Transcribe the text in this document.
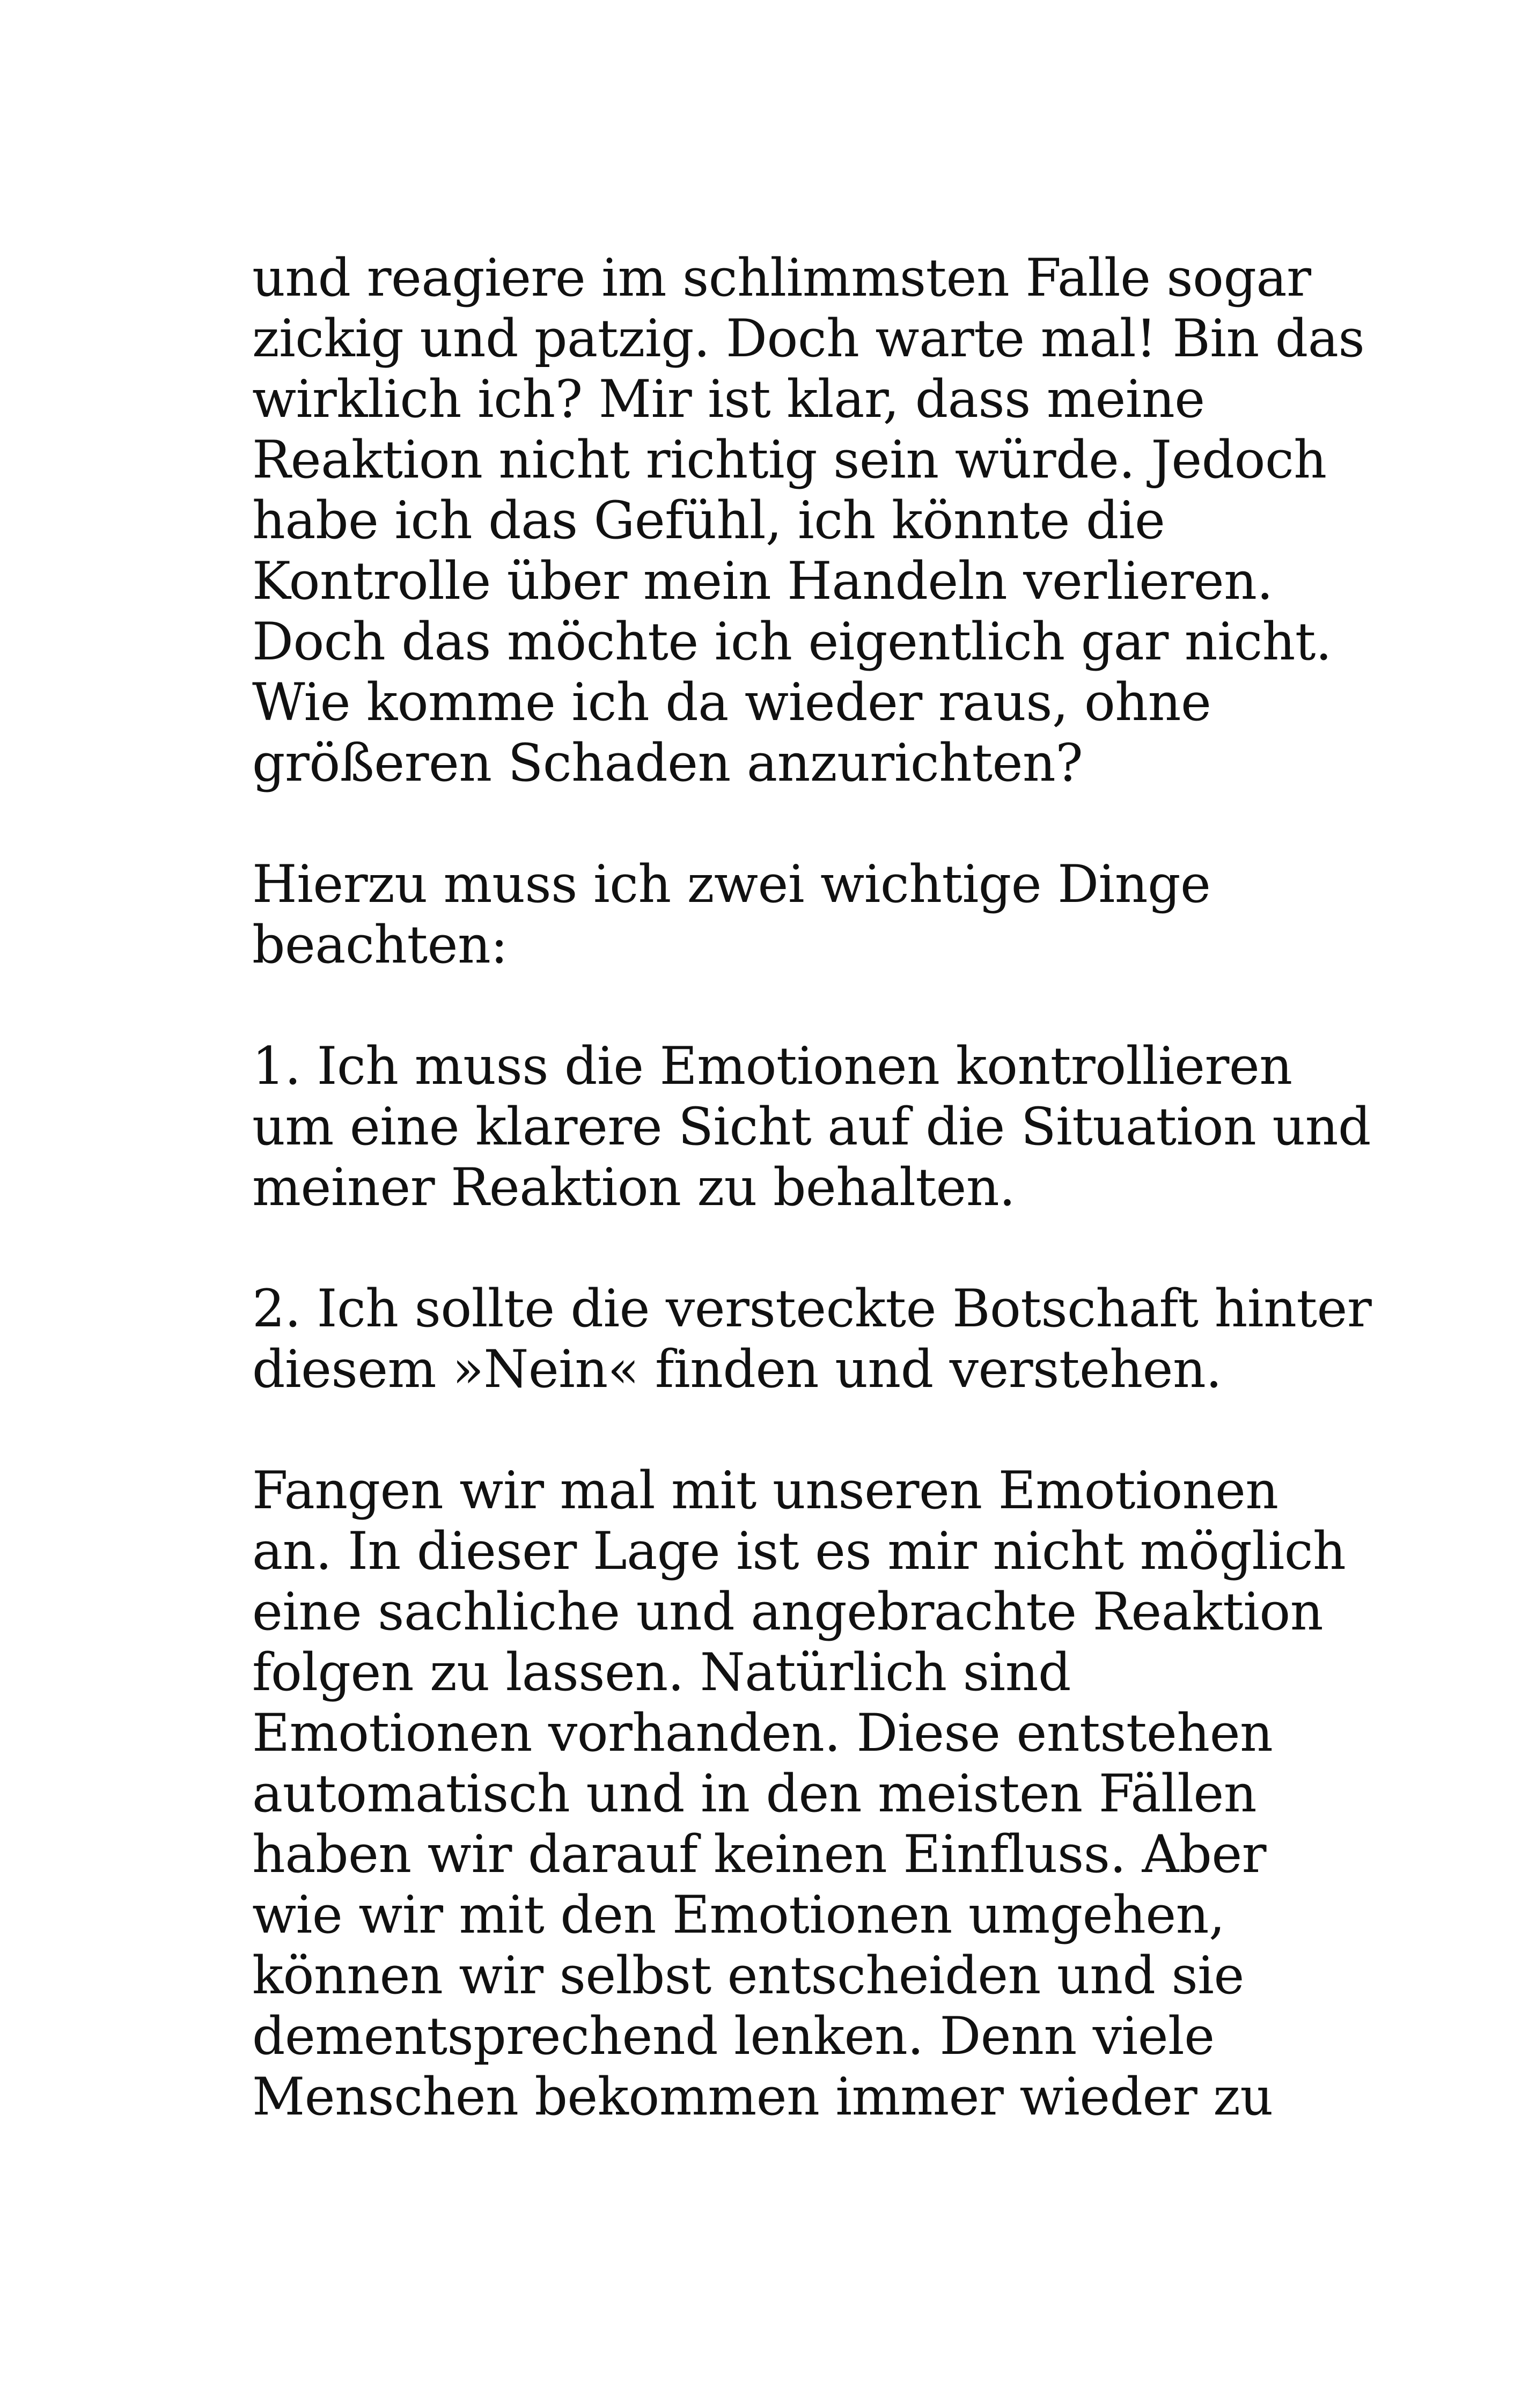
und reagiere im schlimmsten Falle sogar
zickig und patzig. Doch warte mal! Bin das
wirklich ich? Mir ist klar, dass meine
Reaktion nicht richtig sein würde. Jedoch
habe ich das Gefühl, ich könnte die
Kontrolle über mein Handeln verlieren.
Doch das möchte ich eigentlich gar nicht.
Wie komme ich da wieder raus, ohne
größeren Schaden anzurichten?

Hierzu muss ich zwei wichtige Dinge
beachten:

1. Ich muss die Emotionen kontrollieren
um eine klarere Sicht auf die Situation und
meiner Reaktion zu behalten.

2. Ich sollte die versteckte Botschaft hinter
diesem »Nein« finden und verstehen.

Fangen wir mal mit unseren Emotionen
an. In dieser Lage ist es mir nicht möglich
eine sachliche und angebrachte Reaktion
folgen zu lassen. Natürlich sind
Emotionen vorhanden. Diese entstehen
automatisch und in den meisten Fällen
haben wir darauf keinen Einfluss. Aber
wie wir mit den Emotionen umgehen,
können wir selbst entscheiden und sie
dementsprechend lenken. Denn viele
Menschen bekommen immer wieder zu
